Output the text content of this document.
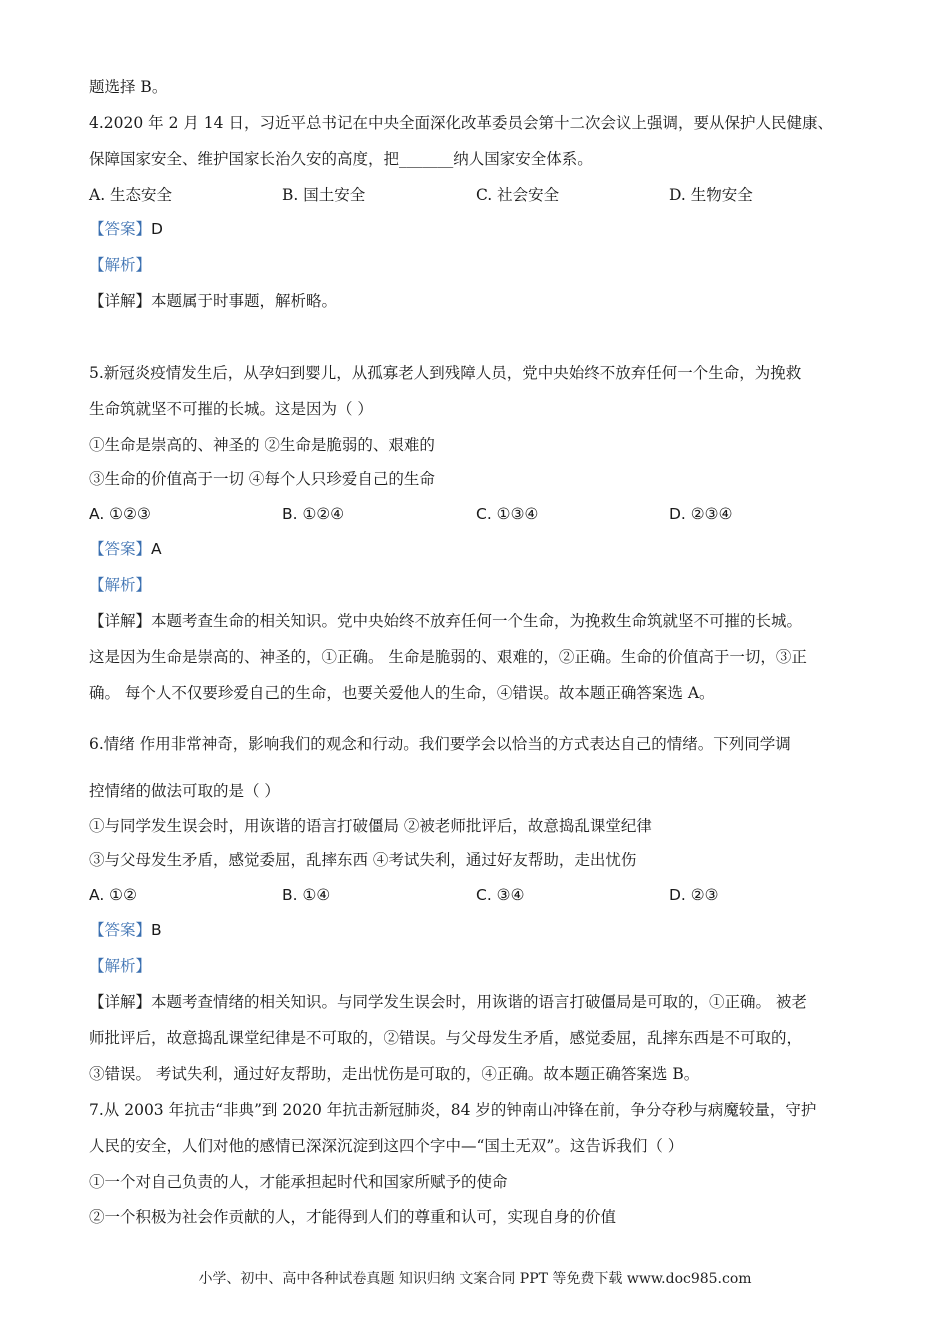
题选择 B。
4.2020 年 2 月 14 日，习近平总书记在中央全面深化改革委员会第十二次会议上强调，要从保护人民健康、
保障国家安全、维护国家长治久安的高度，把_______纳人国家安全体系。
A. 生态安全	B. 国土安全	C. 社会安全	D. 生物安全
【答案】D
【解析】
【详解】本题属于时事题，解析略。
5.新冠炎疫情发生后，从孕妇到婴儿，从孤寡老人到残障人员，党中央始终不放弃任何一个生命，为挽救
生命筑就坚不可摧的长城。这是因为（ ）
①生命是崇高的、神圣的 ②生命是脆弱的、艰难的
③生命的价值高于一切 ④每个人只珍爱自己的生命
A. ①②③	B. ①②④	C. ①③④	D. ②③④
【答案】A
【解析】
【详解】本题考查生命的相关知识。党中央始终不放弃任何一个生命，为挽救生命筑就坚不可摧的长城。
这是因为生命是崇高的、神圣的，①正确。 生命是脆弱的、艰难的，②正确。生命的价值高于一切，③正
确。 每个人不仅要珍爱自己的生命，也要关爱他人的生命，④错误。故本题正确答案选 A。
6.情绪 作用非常神奇，影响我们的观念和行动。我们要学会以恰当的方式表达自己的情绪。下列同学调
控情绪的做法可取的是（ ）
①与同学发生误会时，用诙谐的语言打破僵局 ②被老师批评后，故意捣乱课堂纪律
③与父母发生矛盾，感觉委屈，乱摔东西 ④考试失利，通过好友帮助，走出忧伤
A. ①②	B. ①④	C. ③④	D. ②③
【答案】B
【解析】
【详解】本题考查情绪的相关知识。与同学发生误会时，用诙谐的语言打破僵局是可取的，①正确。 被老
师批评后，故意捣乱课堂纪律是不可取的，②错误。与父母发生矛盾，感觉委屈，乱摔东西是不可取的，
③错误。 考试失利，通过好友帮助，走出忧伤是可取的，④正确。故本题正确答案选 B。
7.从 2003 年抗击“非典”到 2020 年抗击新冠肺炎，84 岁的钟南山冲锋在前，争分夺秒与病魔较量，守护
人民的安全，人们对他的感情已深深沉淀到这四个字中—“国土无双”。这告诉我们（ ）
①一个对自己负责的人，才能承担起时代和国家所赋予的使命
②一个积极为社会作贡献的人，才能得到人们的尊重和认可，实现自身的价值
小学、初中、高中各种试卷真题 知识归纳 文案合同 PPT 等免费下载 www.doc985.com
